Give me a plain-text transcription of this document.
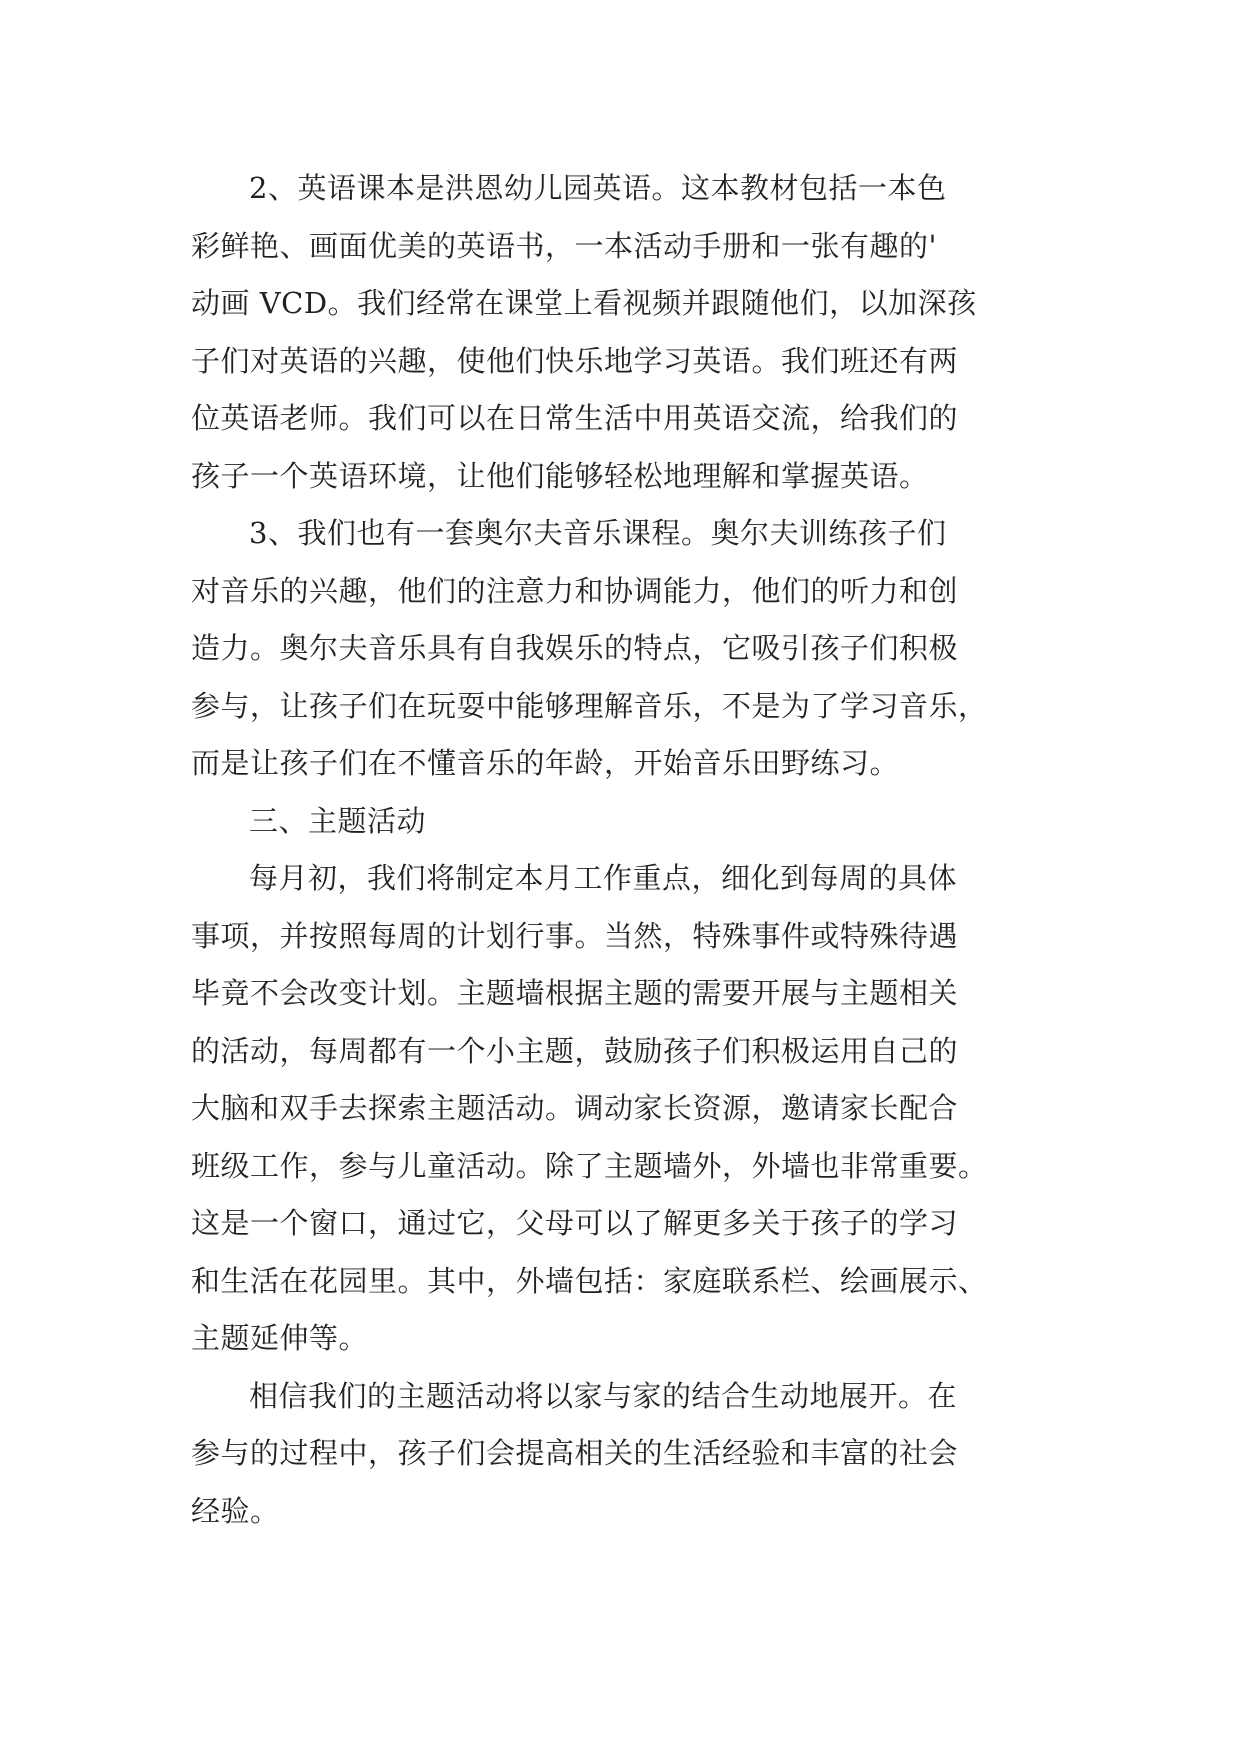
2、英语课本是洪恩幼儿园英语。这本教材包括一本色
彩鲜艳、画面优美的英语书，一本活动手册和一张有趣的'
动画 VCD。我们经常在课堂上看视频并跟随他们，以加深孩
子们对英语的兴趣，使他们快乐地学习英语。我们班还有两
位英语老师。我们可以在日常生活中用英语交流，给我们的
孩子一个英语环境，让他们能够轻松地理解和掌握英语。

3、我们也有一套奥尔夫音乐课程。奥尔夫训练孩子们
对音乐的兴趣，他们的注意力和协调能力，他们的听力和创
造力。奥尔夫音乐具有自我娱乐的特点，它吸引孩子们积极
参与，让孩子们在玩耍中能够理解音乐，不是为了学习音乐，
而是让孩子们在不懂音乐的年龄，开始音乐田野练习。

三、主题活动

每月初，我们将制定本月工作重点，细化到每周的具体
事项，并按照每周的计划行事。当然，特殊事件或特殊待遇
毕竟不会改变计划。主题墙根据主题的需要开展与主题相关
的活动，每周都有一个小主题，鼓励孩子们积极运用自己的
大脑和双手去探索主题活动。调动家长资源，邀请家长配合
班级工作，参与儿童活动。除了主题墙外，外墙也非常重要。
这是一个窗口，通过它，父母可以了解更多关于孩子的学习
和生活在花园里。其中，外墙包括：家庭联系栏、绘画展示、
主题延伸等。

相信我们的主题活动将以家与家的结合生动地展开。在
参与的过程中，孩子们会提高相关的生活经验和丰富的社会
经验。
